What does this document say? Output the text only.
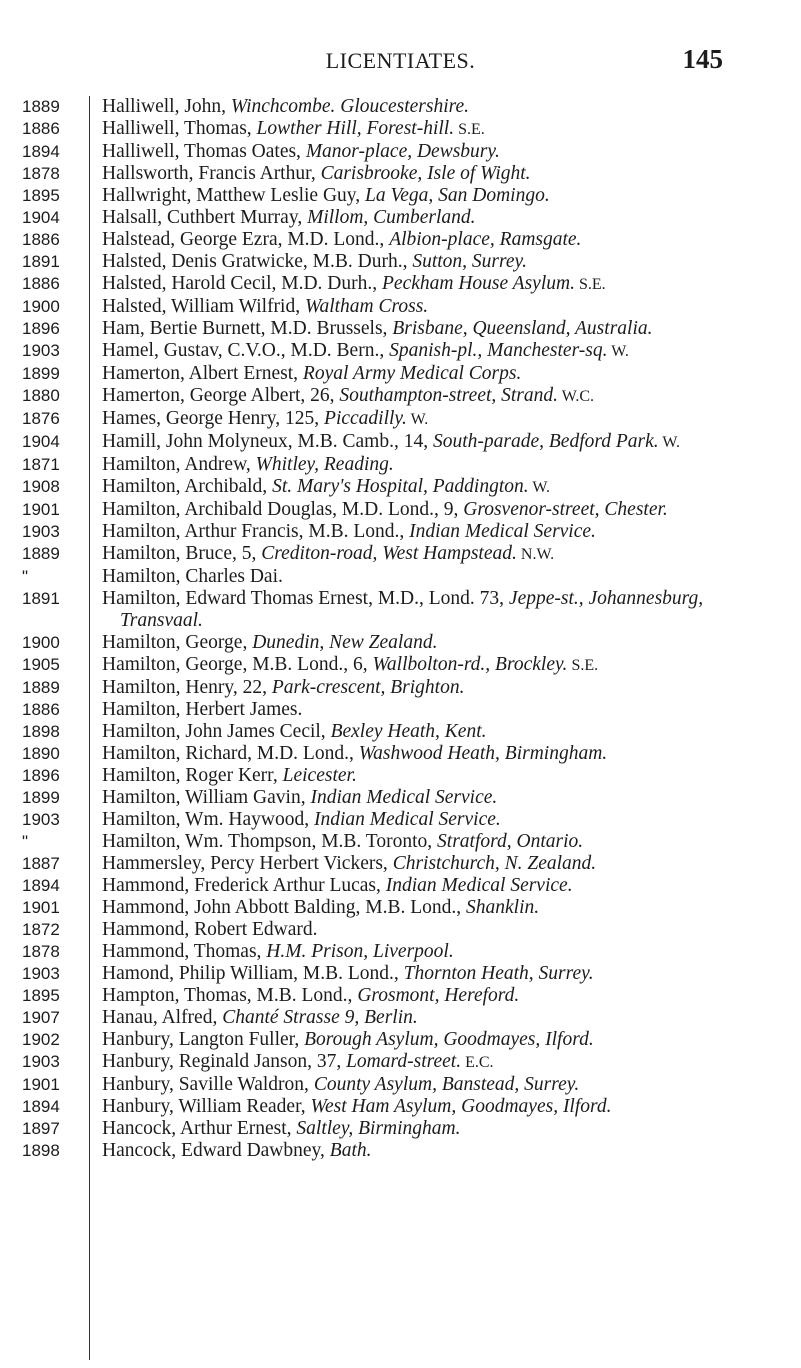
LICENTIATES.	145
1889	Halliwell, John, Winchcombe. Gloucestershire.
1886	Halliwell, Thomas, Lowther Hill, Forest-hill. S.E.
1894	Halliwell, Thomas Oates, Manor-place, Dewsbury.
1878	Hallsworth, Francis Arthur, Carisbrooke, Isle of Wight.
1895	Hallwright, Matthew Leslie Guy, La Vega, San Domingo.
1904	Halsall, Cuthbert Murray, Millom, Cumberland.
1886	Halstead, George Ezra, M.D. Lond., Albion-place, Ramsgate.
1891	Halsted, Denis Gratwicke, M.B. Durh., Sutton, Surrey.
1886	Halsted, Harold Cecil, M.D. Durh., Peckham House Asylum. S.E.
1900	Halsted, William Wilfrid, Waltham Cross.
1896	Ham, Bertie Burnett, M.D. Brussels, Brisbane, Queensland, Australia.
1903	Hamel, Gustav, C.V.O., M.D. Bern., Spanish-pl., Manchester-sq. W.
1899	Hamerton, Albert Ernest, Royal Army Medical Corps.
1880	Hamerton, George Albert, 26, Southampton-street, Strand. W.C.
1876	Hames, George Henry, 125, Piccadilly. W.
1904	Hamill, John Molyneux, M.B. Camb., 14, South-parade, Bedford Park. W.
1871	Hamilton, Andrew, Whitley, Reading.
1908	Hamilton, Archibald, St. Mary's Hospital, Paddington. W.
1901	Hamilton, Archibald Douglas, M.D. Lond., 9, Grosvenor-street, Chester.
1903	Hamilton, Arthur Francis, M.B. Lond., Indian Medical Service.
1889	Hamilton, Bruce, 5, Crediton-road, West Hampstead. N.W.
"	Hamilton, Charles Dai.
1891	Hamilton, Edward Thomas Ernest, M.D., Lond. 73, Jeppe-st., Johannesburg, Transvaal.
1900	Hamilton, George, Dunedin, New Zealand.
1905	Hamilton, George, M.B. Lond., 6, Wallbolton-rd., Brockley. S.E.
1889	Hamilton, Henry, 22, Park-crescent, Brighton.
1886	Hamilton, Herbert James.
1898	Hamilton, John James Cecil, Bexley Heath, Kent.
1890	Hamilton, Richard, M.D. Lond., Washwood Heath, Birmingham.
1896	Hamilton, Roger Kerr, Leicester.
1899	Hamilton, William Gavin, Indian Medical Service.
1903	Hamilton, Wm. Haywood, Indian Medical Service.
"	Hamilton, Wm. Thompson, M.B. Toronto, Stratford, Ontario.
1887	Hammersley, Percy Herbert Vickers, Christchurch, N. Zealand.
1894	Hammond, Frederick Arthur Lucas, Indian Medical Service.
1901	Hammond, John Abbott Balding, M.B. Lond., Shanklin.
1872	Hammond, Robert Edward.
1878	Hammond, Thomas, H.M. Prison, Liverpool.
1903	Hamond, Philip William, M.B. Lond., Thornton Heath, Surrey.
1895	Hampton, Thomas, M.B. Lond., Grosmont, Hereford.
1907	Hanau, Alfred, Chanté Strasse 9, Berlin.
1902	Hanbury, Langton Fuller, Borough Asylum, Goodmayes, Ilford.
1903	Hanbury, Reginald Janson, 37, Lomard-street. E.C.
1901	Hanbury, Saville Waldron, County Asylum, Banstead, Surrey.
1894	Hanbury, William Reader, West Ham Asylum, Goodmayes, Ilford.
1897	Hancock, Arthur Ernest, Saltley, Birmingham.
1898	Hancock, Edward Dawbney, Bath.
